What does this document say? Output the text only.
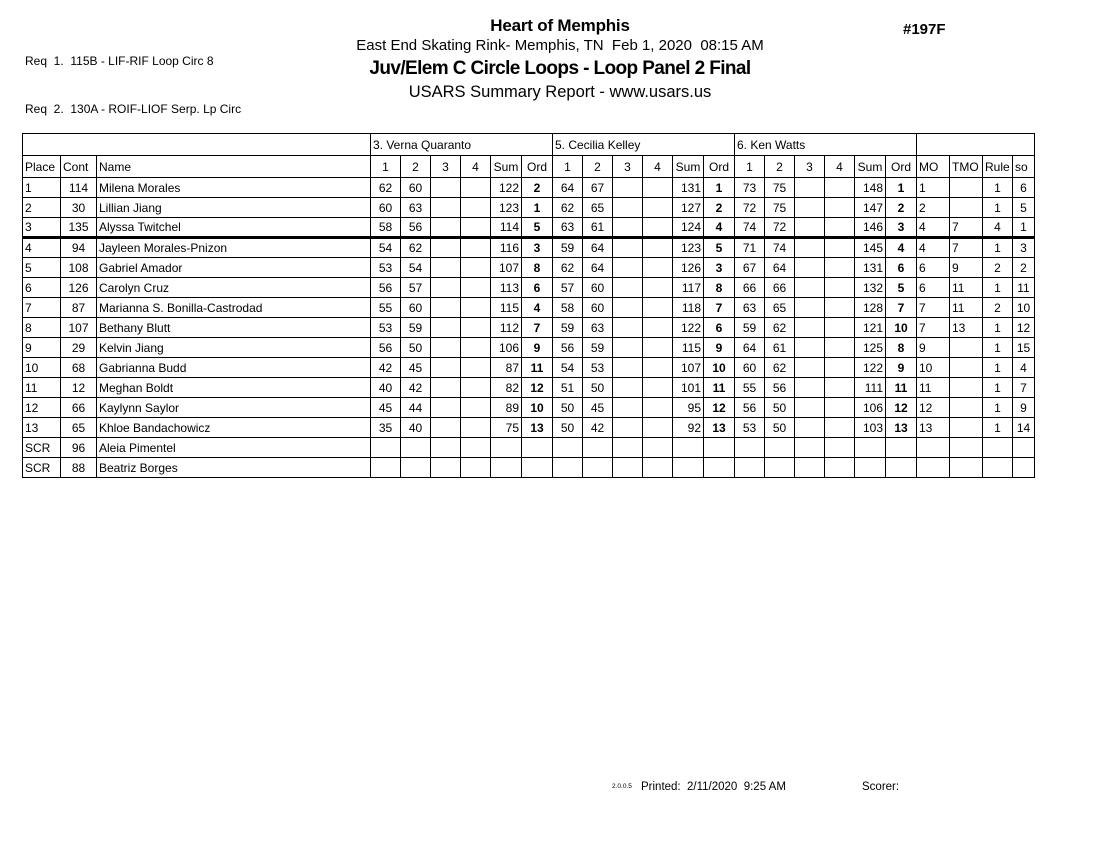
Req  1.  115B - LIF-RIF Loop Circ 8

Req  2.  130A - ROIF-LIOF Serp. Lp Circ

#197F
Heart of Memphis
East End Skating Rink- Memphis, TN  Feb 1, 2020  08:15 AM
Juv/Elem C Circle Loops - Loop Panel 2 Final
USARS Summary Report - www.usars.us
			3. Verna Quaranto						5. Cecilia Kelley						6. Ken Watts									
Place	Cont	Name	1	2	3	4	Sum	Ord	1	2	3	4	Sum	Ord	1	2	3	4	Sum	Ord	MO	TMO	Rule	so
1	114	Milena Morales	62	60			122	2	64	67			131	1	73	75			148	1	1		1	6
2	30	Lillian Jiang	60	63			123	1	62	65			127	2	72	75			147	2	2		1	5
3	135	Alyssa Twitchel	58	56			114	5	63	61			124	4	74	72			146	3	4	7	4	1
4	94	Jayleen Morales-Pnizon	54	62			116	3	59	64			123	5	71	74			145	4	4	7	1	3
5	108	Gabriel Amador	53	54			107	8	62	64			126	3	67	64			131	6	6	9	2	2
6	126	Carolyn Cruz	56	57			113	6	57	60			117	8	66	66			132	5	6	11	1	11
7	87	Marianna S. Bonilla-Castrodad	55	60			115	4	58	60			118	7	63	65			128	7	7	11	2	10
8	107	Bethany Blutt	53	59			112	7	59	63			122	6	59	62			121	10	7	13	1	12
9	29	Kelvin Jiang	56	50			106	9	56	59			115	9	64	61			125	8	9		1	15
10	68	Gabrianna Budd	42	45			87	11	54	53			107	10	60	62			122	9	10		1	4
11	12	Meghan Boldt	40	42			82	12	51	50			101	11	55	56			111	11	11		1	7
12	66	Kaylynn Saylor	45	44			89	10	50	45			95	12	56	50			106	12	12		1	9
13	65	Khloe Bandachowicz	35	40			75	13	50	42			92	13	53	50			103	13	13		1	14
SCR	96	Aleia Pimentel																						
SCR	88	Beatriz Borges																						
2.0.0.5 Printed:  2/11/2020  9:25 AM	Scorer:
